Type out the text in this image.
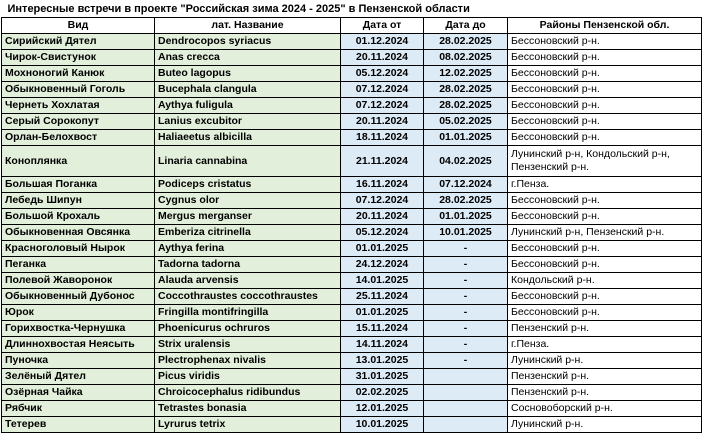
Интересные встречи в проекте "Российская зима 2024 - 2025" в Пензенской области				
Вид	лат. Название	Дата от	Дата до	Районы Пензенской обл.
Сирийский Дятел	Dendrocopos syriacus	01.12.2024	28.02.2025	Бессоновский р-н.
Чирок-Свистунок	Anas crecca	20.11.2024	08.02.2025	Бессоновский р-н.
Мохноногий Канюк	Buteo lagopus	05.12.2024	12.02.2025	Бессоновский р-н.
Обыкновенный Гоголь	Bucephala clangula	07.12.2024	28.02.2025	Бессоновский р-н.
Чернеть Хохлатая	Aythya fuligula	07.12.2024	28.02.2025	Бессоновский р-н.
Серый Сорокопут	Lanius excubitor	20.11.2024	05.02.2025	Бессоновский р-н.
Орлан-Белохвост	Haliaeetus albicilla	18.11.2024	01.01.2025	Бессоновский р-н.
Коноплянка	Linaria cannabina	21.11.2024	04.02.2025	Лунинский р-н, Кондольский р-н, Пензенский р-н.
Большая Поганка	Podiceps cristatus	16.11.2024	07.12.2024	г.Пенза.
Лебедь Шипун	Cygnus olor	07.12.2024	28.02.2025	Бессоновский р-н.
Большой Крохаль	Mergus merganser	20.11.2024	01.01.2025	Бессоновский р-н.
Обыкновенная Овсянка	Emberiza citrinella	05.12.2024	10.01.2025	Лунинский р-н, Пензенский р-н.
Красноголовый Нырок	Aythya ferina	01.01.2025	-	Бессоновский р-н.
Пеганка	Tadorna tadorna	24.12.2024	-	Бессоновский р-н.
Полевой Жаворонок	Alauda arvensis	14.01.2025	-	Кондольский р-н.
Обыкновенный Дубонос	Coccothraustes coccothraustes	25.11.2024	-	Бессоновский р-н.
Юрок	Fringilla montifringilla	01.01.2025	-	Бессоновский р-н.
Горихвостка-Чернушка	Phoenicurus ochruros	15.11.2024	-	Пензенский р-н.
Длиннохвостая Неясыть	Strix uralensis	14.11.2024	-	г.Пенза.
Пуночка	Plectrophenax nivalis	13.01.2025	-	Лунинский р-н.
Зелёный Дятел	Picus viridis	31.01.2025		Пензенский р-н.
Озёрная Чайка	Chroicocephalus ridibundus	02.02.2025		Пензенский р-н.
Рябчик	Tetrastes bonasia	12.01.2025		Сосновоборский р-н.
Тетерев	Lyrurus tetrix	10.01.2025		Лунинский р-н.
